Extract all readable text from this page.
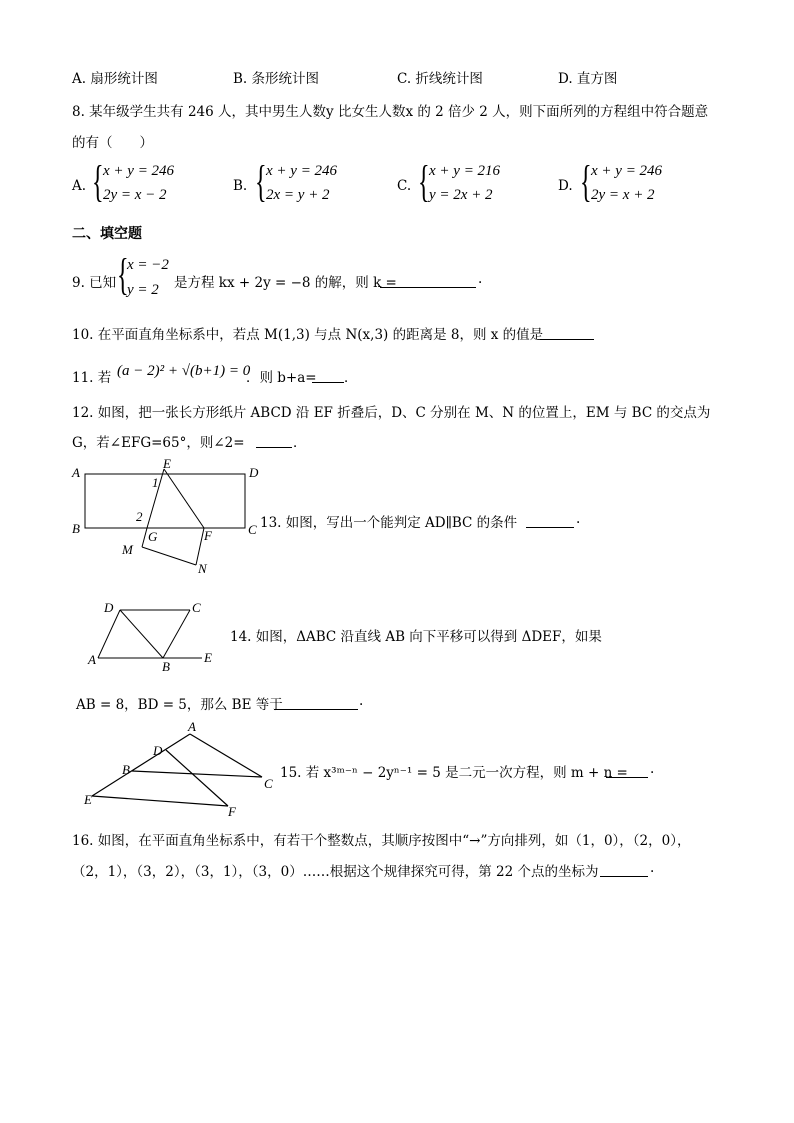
A. 扇形统计图	B. 条形统计图	C. 折线统计图	D. 直方图
8. 某年级学生共有 246 人，其中男生人数y 比女生人数x 的 2 倍少 2 人，则下面所列的方程组中符合题意
的有（　　）
A. { x + y = 246
2y = x − 2
B. { x + y = 246
2x = y + 2
C. { x + y = 216
y = 2x + 2
D. { x + y = 246
2y = x + 2
二、填空题
9. 已知 {
x = −2
y = 2 是方程 kx + 2y = −8 的解，则 k =	.
10. 在平面直角坐标系中，若点 M(1,3) 与点 N(x,3) 的距离是 8，则 x 的值是
11. 若 (a − 2)² + √(b+1) = 0
．则 b+a= ．
12. 如图，把一张长方形纸片 ABCD 沿 EF 折叠后，D、C 分别在 M、N 的位置上，EM 与 BC 的交点为
G，若∠EFG=65°，则∠2=	．
A
B	C
D
E
F
G
M
N
1
2	13. 如图，写出一个能判定 AD∥BC 的条件	.
A	B
C
D
E
14. 如图，ΔABC 沿直线 AB 向下平移可以得到 ΔDEF，如果
AB = 8，BD = 5，那么 BE 等于	.
A
B
C
D
E
F
15. 若 x³ᵐ⁻ⁿ − 2yⁿ⁻¹ = 5 是二元一次方程，则 m + n = .
16. 如图，在平面直角坐标系中，有若干个整数点，其顺序按图中“→”方向排列，如（1，0），（2，0），
（2，1），（3，2），（3，1），（3，0）……根据这个规律探究可得，第 22 个点的坐标为	.
